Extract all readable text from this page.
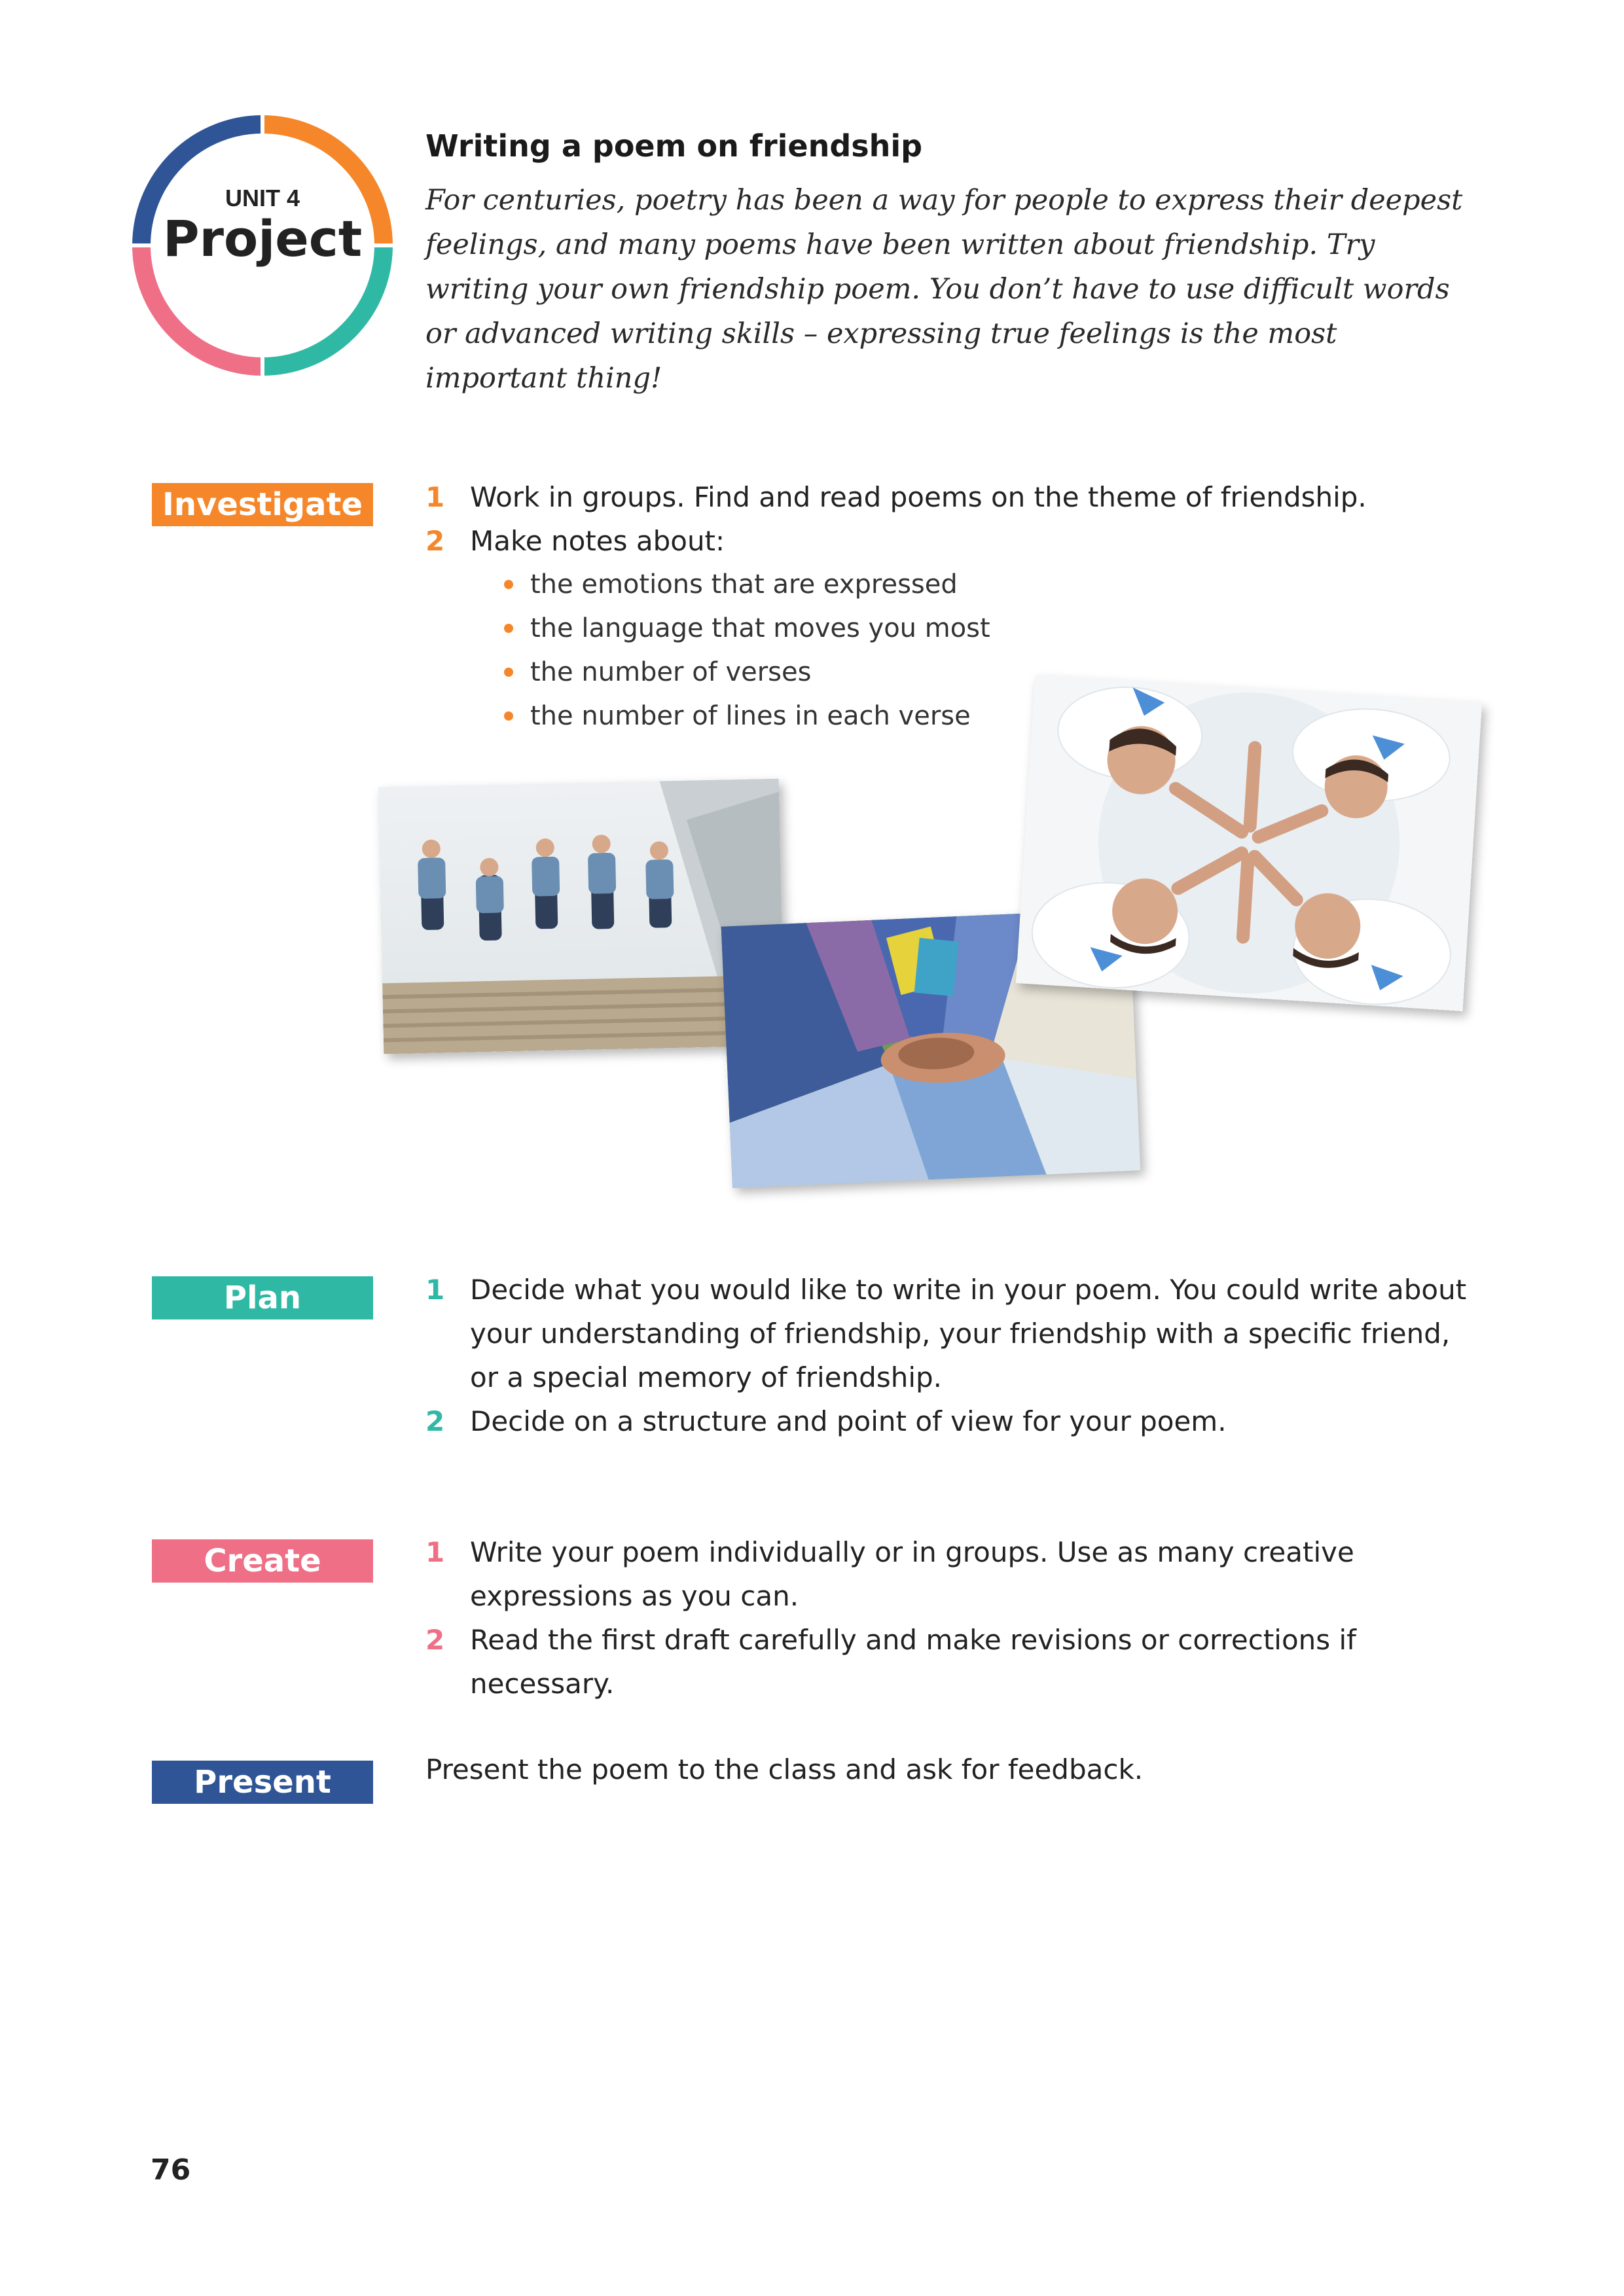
UNIT 4
Project
Writing a poem on friendship
For centuries, poetry has been a way for people to express their deepest feelings, and many poems have been written about friendship. Try writing your own friendship poem. You don’t have to use difficult words or advanced writing skills – expressing true feelings is the most important thing!
Investigate	1 Work in groups. Find and read poems on the theme of friendship.
2 Make notes about:
the emotions that are expressed
the language that moves you most
the number of verses
the number of lines in each verse
Plan	1 Decide what you would like to write in your poem. You could write about your understanding of friendship, your friendship with a specific friend, or a special memory of friendship.
2 Decide on a structure and point of view for your poem.
Create	1 Write your poem individually or in groups. Use as many creative expressions as you can.
2 Read the first draft carefully and make revisions or corrections if necessary.
Present	Present the poem to the class and ask for feedback.
76
